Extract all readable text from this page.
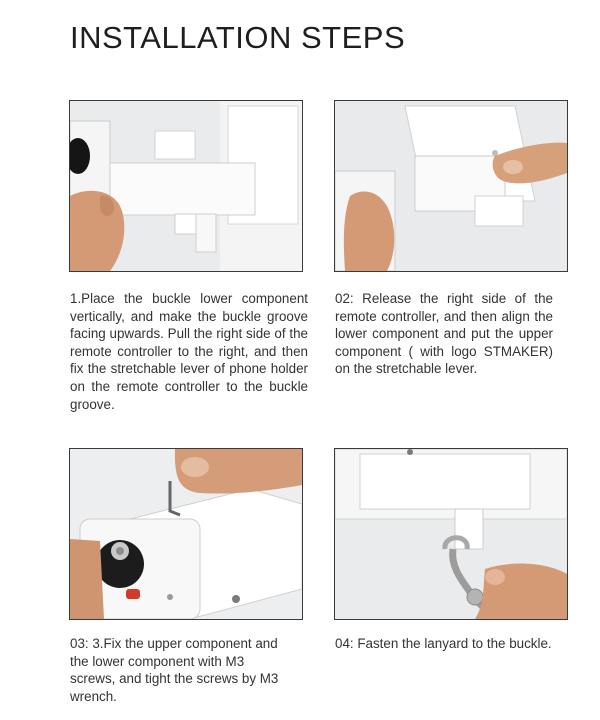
INSTALLATION STEPS

1.Place the buckle lower component vertically, and make the buckle groove facing upwards. Pull the right side of the remote controller to the right, and then fix the stretchable lever of phone holder on the remote controller to the buckle groove.

02: Release the right side of the remote controller, and then align the lower component and put the upper component ( with logo STMAKER) on the stretchable lever.

03: 3.Fix the upper component and the lower component with M3 screws, and tight the screws by M3 wrench.

04: Fasten the lanyard to the buckle.
